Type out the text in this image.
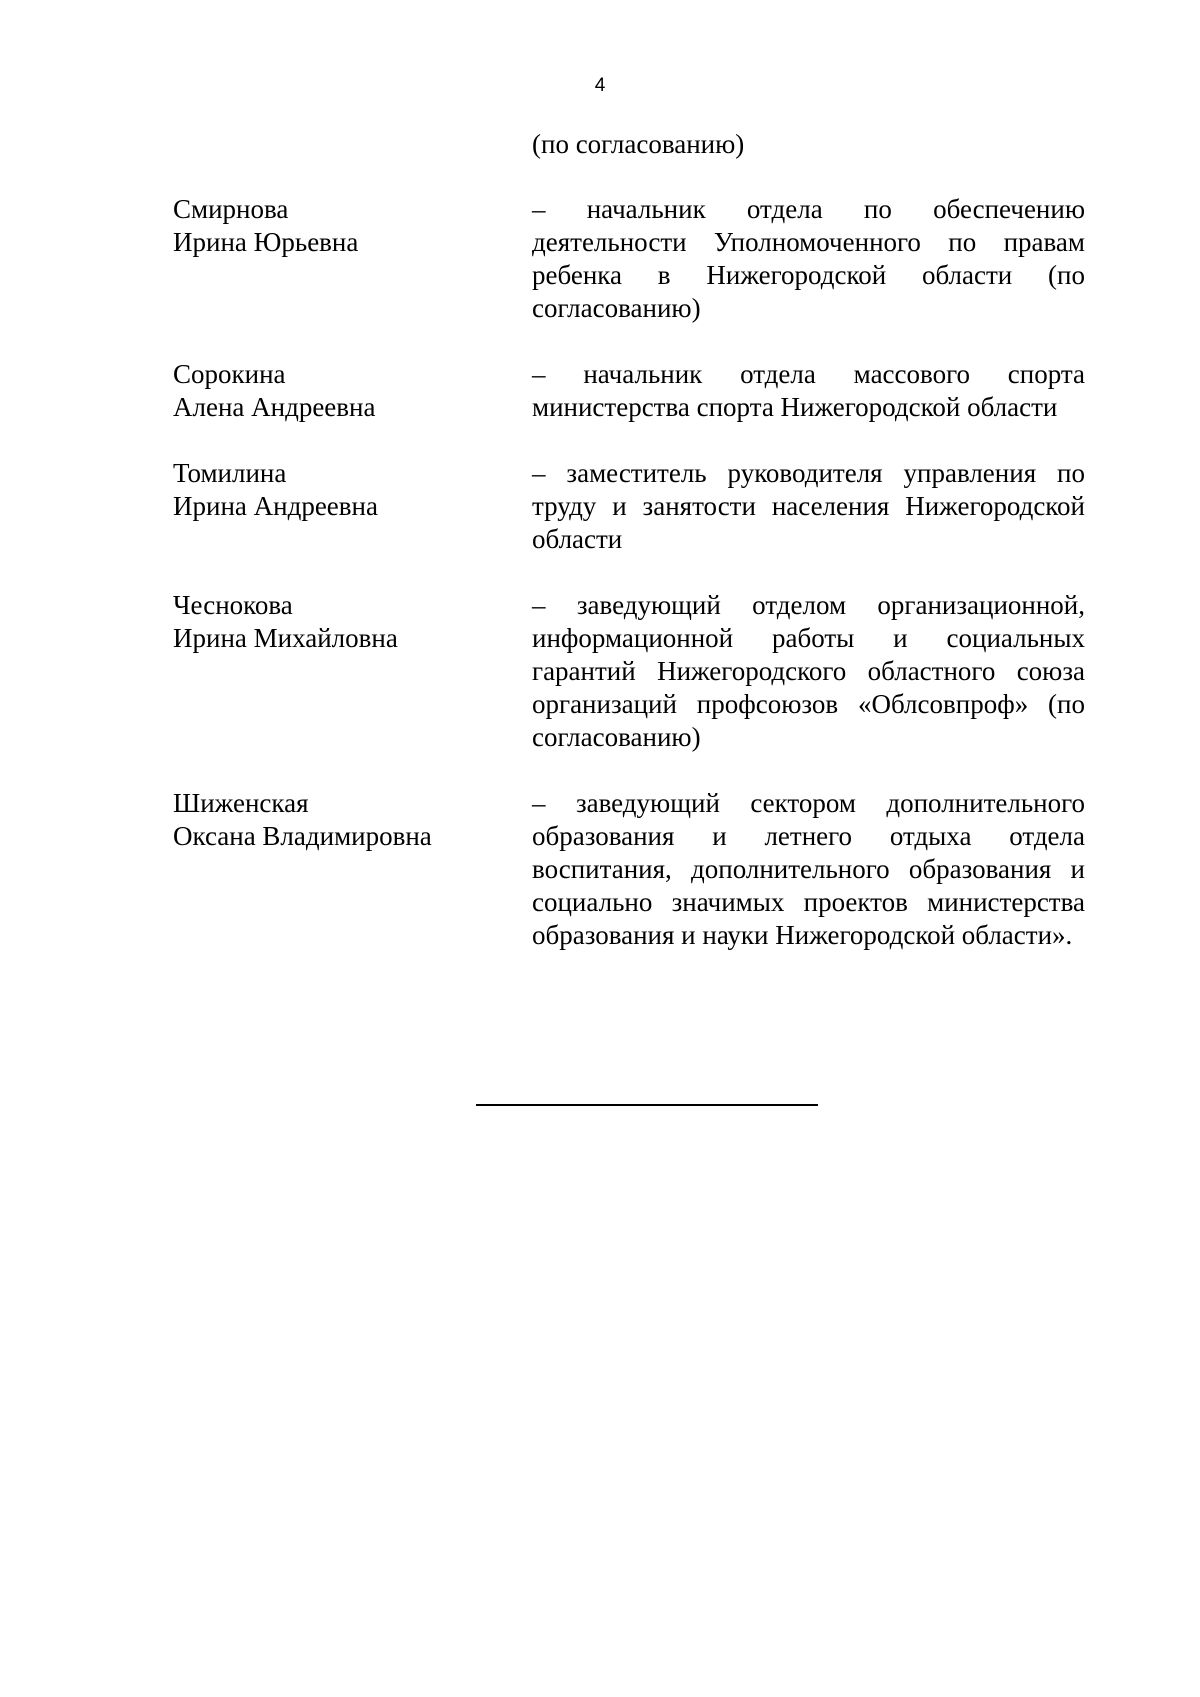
4
(по согласованию)
Смирнова
Ирина Юрьевна
– начальник отдела по обеспечению деятельности Уполномоченного по правам ребенка в Нижегородской области (по согласованию)
Сорокина
Алена Андреевна
– начальник отдела массового спорта министерства спорта Нижегородской области
Томилина
Ирина Андреевна
– заместитель руководителя управления по труду и занятости населения Нижегородской области
Чеснокова
Ирина Михайловна
– заведующий отделом организационной, информационной работы и социальных гарантий Нижегородского областного союза организаций профсоюзов «Облсовпроф» (по согласованию)
Шиженская
Оксана Владимировна
– заведующий сектором дополнительного образования и летнего отдыха отдела воспитания, дополнительного образования и социально значимых проектов министерства образования и науки Нижегородской области».
